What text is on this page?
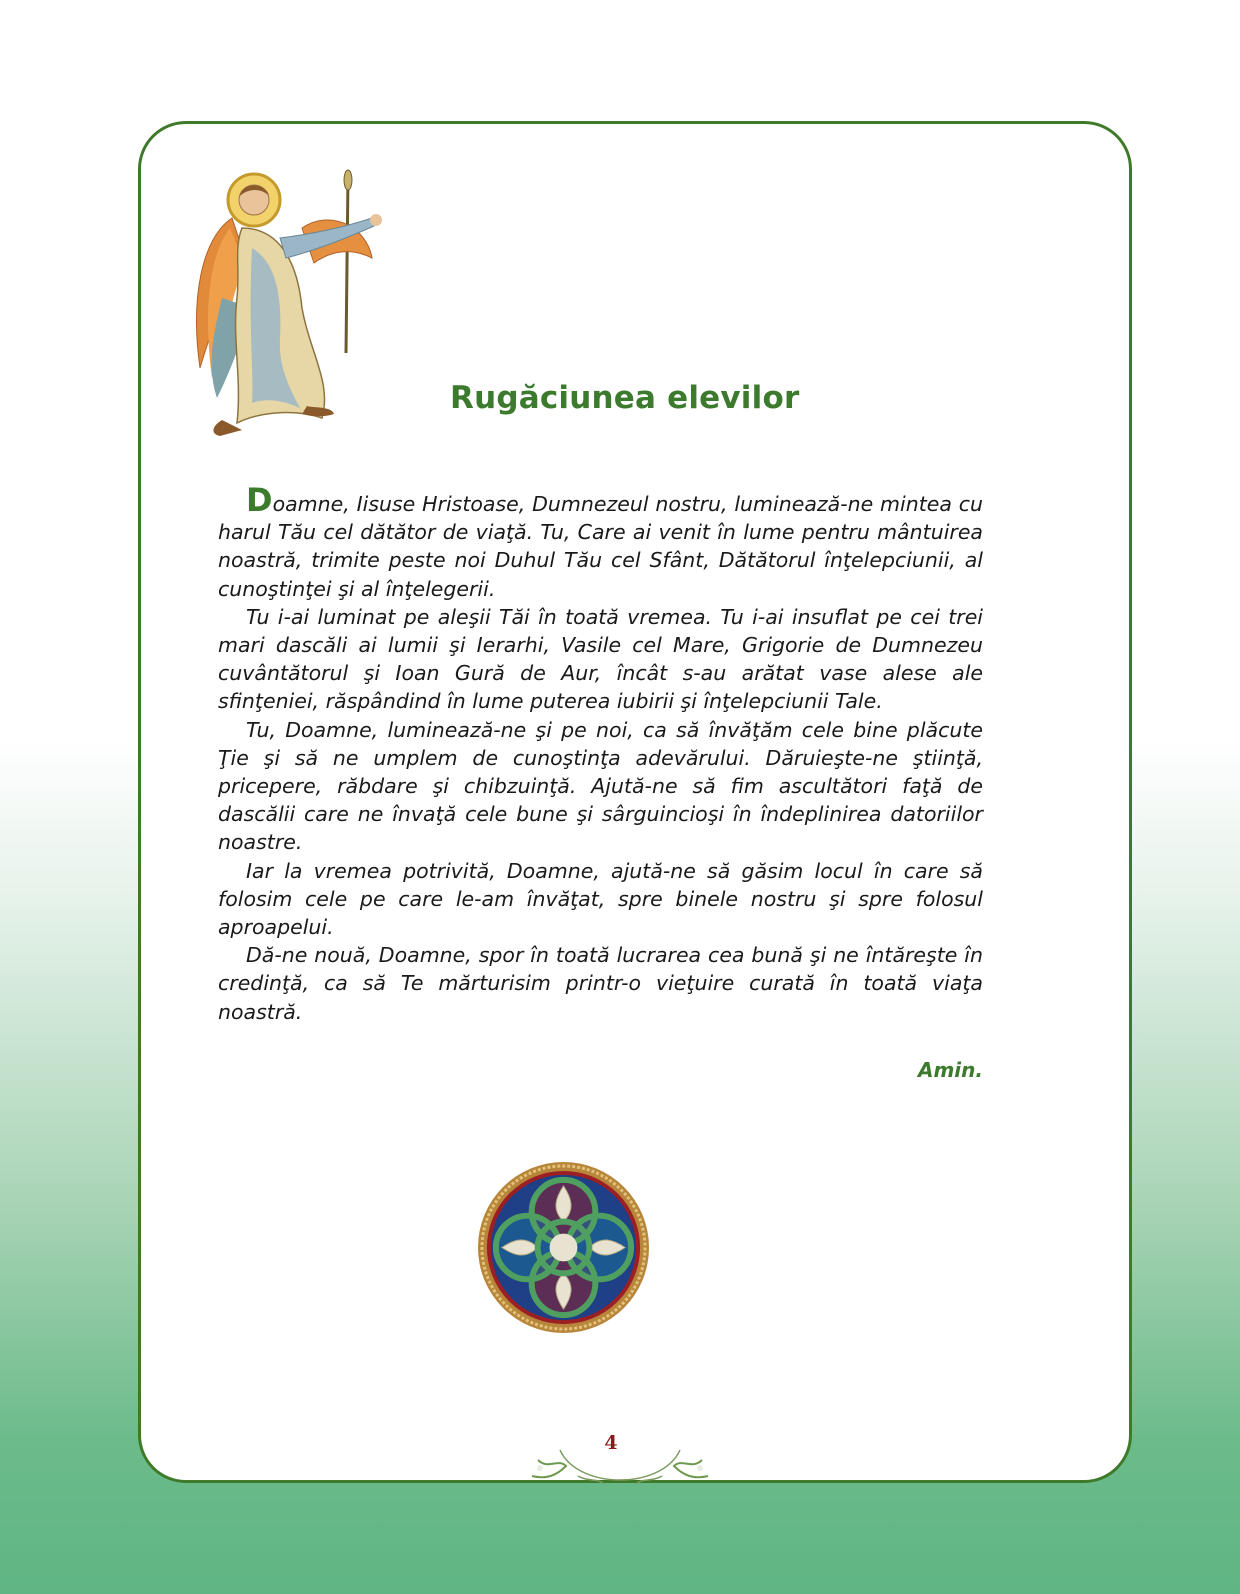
Rugăciunea elevilor

Doamne, Iisuse Hristoase, Dumnezeul nostru, luminează-ne mintea cu harul Tău cel dătător de viaţă. Tu, Care ai venit în lume pentru mântuirea noastră, trimite peste noi Duhul Tău cel Sfânt, Dătătorul înţelepciunii, al cunoştinţei şi al înţelegerii.

Tu i-ai luminat pe aleşii Tăi în toată vremea. Tu i-ai insuflat pe cei trei mari dascăli ai lumii şi Ierarhi, Vasile cel Mare, Grigorie de Dumnezeu cuvântătorul şi Ioan Gură de Aur, încât s-au arătat vase alese ale sfinţeniei, răspândind în lume puterea iubirii şi înţelepciunii Tale.

Tu, Doamne, luminează-ne şi pe noi, ca să învăţăm cele bine plăcute Ţie şi să ne umplem de cunoştinţa adevărului. Dăruieşte-ne ştiinţă, pricepere, răbdare şi chibzuinţă. Ajută-ne să fim ascultători faţă de dascălii care ne învaţă cele bune şi sârguincioşi în îndeplinirea datoriilor noastre.

Iar la vremea potrivită, Doamne, ajută-ne să găsim locul în care să folosim cele pe care le-am învăţat, spre binele nostru şi spre folosul aproapelui.

Dă-ne nouă, Doamne, spor în toată lucrarea cea bună şi ne întăreşte în credinţă, ca să Te mărturisim printr-o vieţuire curată în toată viaţa noastră.

Amin.
4
